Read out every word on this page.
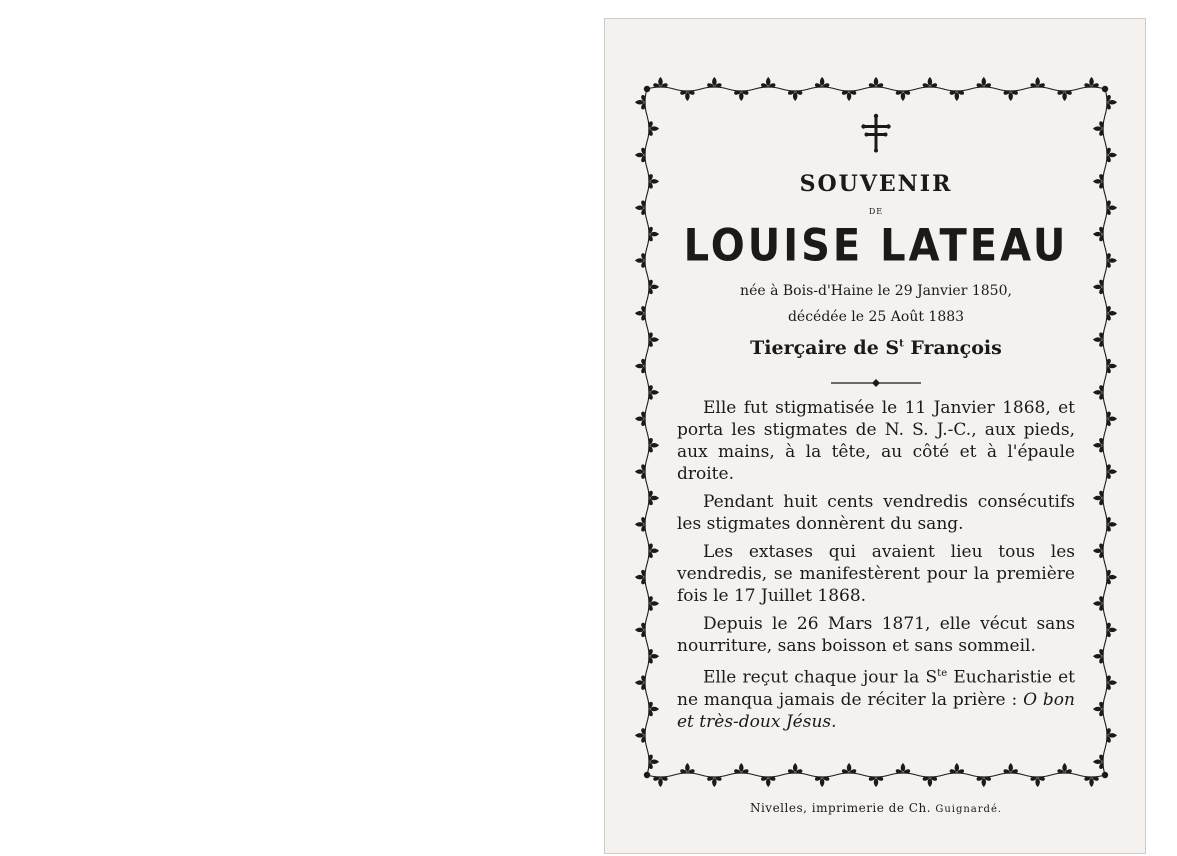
SOUVENIR
DE
LOUISE LATEAU
née à Bois-d'Haine le 29 Janvier 1850,
décédée le 25 Août 1883
Tierçaire de $S^t$ François

Elle fut stigmatisée le 11 Janvier 1868, et porta les stigmates de N. S. J.-C., aux pieds, aux mains, à la tête, au côté et à l'épaule droite.

Pendant huit cents vendredis consécutifs les stigmates donnèrent du sang.

Les extases qui avaient lieu tous les vendredis, se manifestèrent pour la première fois le 17 Juillet 1868.

Depuis le 26 Mars 1871, elle vécut sans nourriture, sans boisson et sans sommeil.

Elle reçut chaque jour la $S^{te}$ Eucharistie et ne manqua jamais de réciter la prière : O bon et très-doux Jésus.

Nivelles, imprimerie de Ch. Guignardé.
